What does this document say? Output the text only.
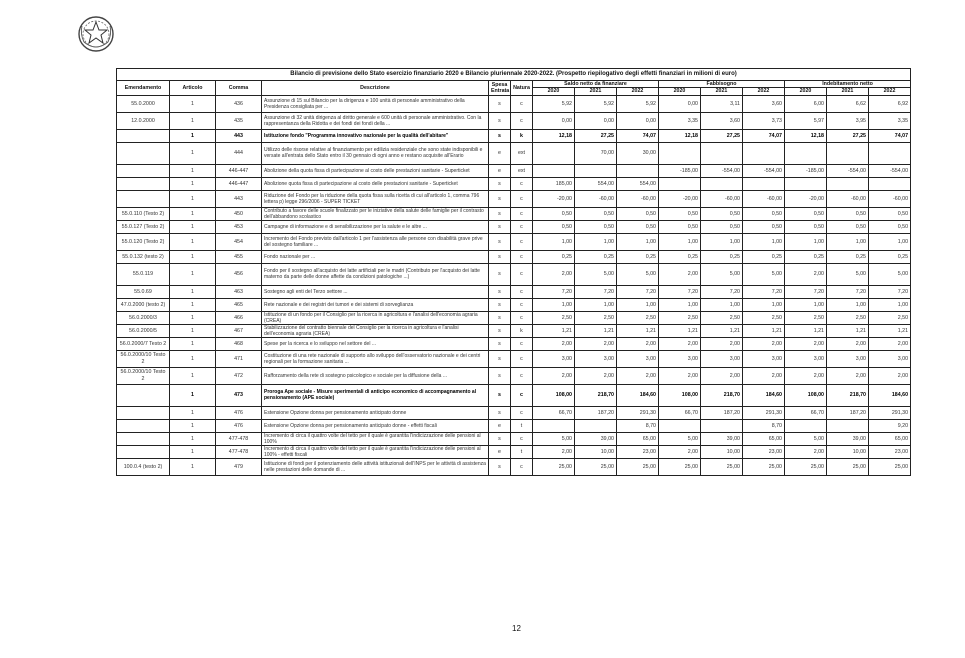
Bilancio di previsione dello Stato esercizio finanziario 2020 e Bilancio pluriennale 2020-2022. (Prospetto riepilogativo degli effetti finanziari in milioni di euro)														
Emendamento	Articolo	Comma	Descrizione	Spesa Entrata	Natura	Saldo netto da finanziare			Fabbisogno			Indebitamento netto		
						2020	2021	2022	2020	2021	2022	2020	2021	2022
55.0.2000	1	436	Assunzione di 15 sul Bilancio per la dirigenza e 100 unità di personale amministrativo della Presidenza consigliata per ...	s	c	5,92	5,92	5,92	0,00	3,11	3,60	6,00	6,62	6,92
12.0.2000	1	435	Assunzione di 32 unità dirigenza al diritto generale e 600 unità di personale amministrativo. Con la rappresentanza della Ridotta e dei fondi dei fondi della ...	s	c	0,00	0,00	0,00	3,35	3,60	3,73	5,97	3,95	3,35
	1	443	Istituzione fondo "Programma innovativo nazionale per la qualità dell'abitare"	s	k	12,18	27,25	74,07	12,18	27,25	74,07	12,18	27,25	74,07
	1	444	Utilizzo delle risorse relative al finanziamento per edilizia residenziale che sono state indisponibili e versate all'entrata dello Stato entro il 30 gennaio di ogni anno e restano acquisite all'Erario	e	ext		70,00	30,00						
	1	446-447	Abolizione della quota fissa di partecipazione al costo delle prestazioni sanitarie - Superticket	e	ext				-185,00	-554,00	-554,00	-185,00	-554,00	-554,00
	1	446-447	Abolizione quota fissa di partecipazione al costo delle prestazioni sanitarie - Superticket	s	c	185,00	554,00	554,00						
	1	443	Riduzione del Fondo per la riduzione della quota fissa sulla ricetta di cui all'articolo 1, comma 796 lettera p) legge 296/2006 - SUPER TICKET	s	c	-20,00	-60,00	-60,00	-20,00	-60,00	-60,00	-20,00	-60,00	-60,00
55.0.110 (Testo 2)	1	450	Contributo a favore delle scuole finalizzato per le iniziative della salute delle famiglie per il contrasto dell'abbandono scolastico	s	c	0,50	0,50	0,50	0,50	0,50	0,50	0,50	0,50	0,50
55.0.127 (Testo 2)	1	453	Campagne di informazione e di sensibilizzazione per la salute e le altre ...	s	c	0,50	0,50	0,50	0,50	0,50	0,50	0,50	0,50	0,50
55.0.120 (Testo 2)	1	454	Incremento del Fondo previsto dall'articolo 1 per l'assistenza alle persone con disabilità grave prive del sostegno familiare ...	s	c	1,00	1,00	1,00	1,00	1,00	1,00	1,00	1,00	1,00
55.0.132 (testo 2)	1	455	Fondo nazionale per ...	s	c	0,25	0,25	0,25	0,25	0,25	0,25	0,25	0,25	0,25
55.0.119	1	456	Fondo per il sostegno all'acquisto dei latte artificiali per le madri (Contributo per l'acquisto dei latte materno da parte delle donne affette da condizioni patologiche ...)	s	c	2,00	5,00	5,00	2,00	5,00	5,00	2,00	5,00	5,00
55.0.69	1	463	Sostegno agli enti del Terzo settore ...	s	c	7,20	7,20	7,20	7,20	7,20	7,20	7,20	7,20	7,20
47.0.2000 (testo 2)	1	465	Rete nazionale e dei registri dei tumori e dei sistemi di sorveglianza	s	c	1,00	1,00	1,00	1,00	1,00	1,00	1,00	1,00	1,00
56.0.2000/3	1	466	Istituzione di un fondo per il Consiglio per la ricerca in agricoltura e l'analisi dell'economia agraria (CREA)	s	c	2,50	2,50	2,50	2,50	2,50	2,50	2,50	2,50	2,50
56.0.2000/5	1	467	Stabilizzazione del contratto biennale del Consiglio per la ricerca in agricoltura e l'analisi dell'economia agraria (CREA)	s	k	1,21	1,21	1,21	1,21	1,21	1,21	1,21	1,21	1,21
56.0.2000/7 Testo 2	1	468	Spese per la ricerca e lo sviluppo nel settore del ...	s	c	2,00	2,00	2,00	2,00	2,00	2,00	2,00	2,00	2,00
56.0.2000/10 Testo 2	1	471	Costituzione di una rete nazionale di supporto allo sviluppo dell'osservatorio nazionale e dei centri regionali per la formazione sanitaria ...	s	c	3,00	3,00	3,00	3,00	3,00	3,00	3,00	3,00	3,00
56.0.2000/10 Testo 2	1	472	Rafforzamento della rete di sostegno psicologico e sociale per la diffusione della ...	s	c	2,00	2,00	2,00	2,00	2,00	2,00	2,00	2,00	2,00
	1	473	Proroga Ape sociale - Misure sperimentali di anticipo economico di accompagnamento al pensionamento (APE sociale)	s	c	108,00	218,70	184,60	108,00	218,70	184,60	108,00	218,70	184,60
	1	476	Estensione Opzione donna per pensionamento anticipato donne	s	c	66,70	187,20	291,30	66,70	187,20	291,30	66,70	187,20	291,30
	1	476	Estensione Opzione donna per pensionamento anticipato donne - effetti fiscali	e	t			8,70			8,70			9,20
	1	477-478	Incremento di circa il quattro volte del tetto per il quale è garantita l'indicizzazione delle pensioni al 100%	s	c	5,00	39,00	65,00	5,00	39,00	65,00	5,00	39,00	65,00
	1	477-478	Incremento di circa il quattro volte del tetto per il quale è garantita l'indicizzazione delle pensioni al 100% - effetti fiscali	e	t	2,00	10,00	23,00	2,00	10,00	23,00	2,00	10,00	23,00
100.0.4 (testo 2)	1	479	Istituzione di fondi per il potenziamento delle attività istituzionali dell'INPS per le attività di assistenza nelle prestazioni delle domande di ...	s	c	25,00	25,00	25,00	25,00	25,00	25,00	25,00	25,00	25,00
12
